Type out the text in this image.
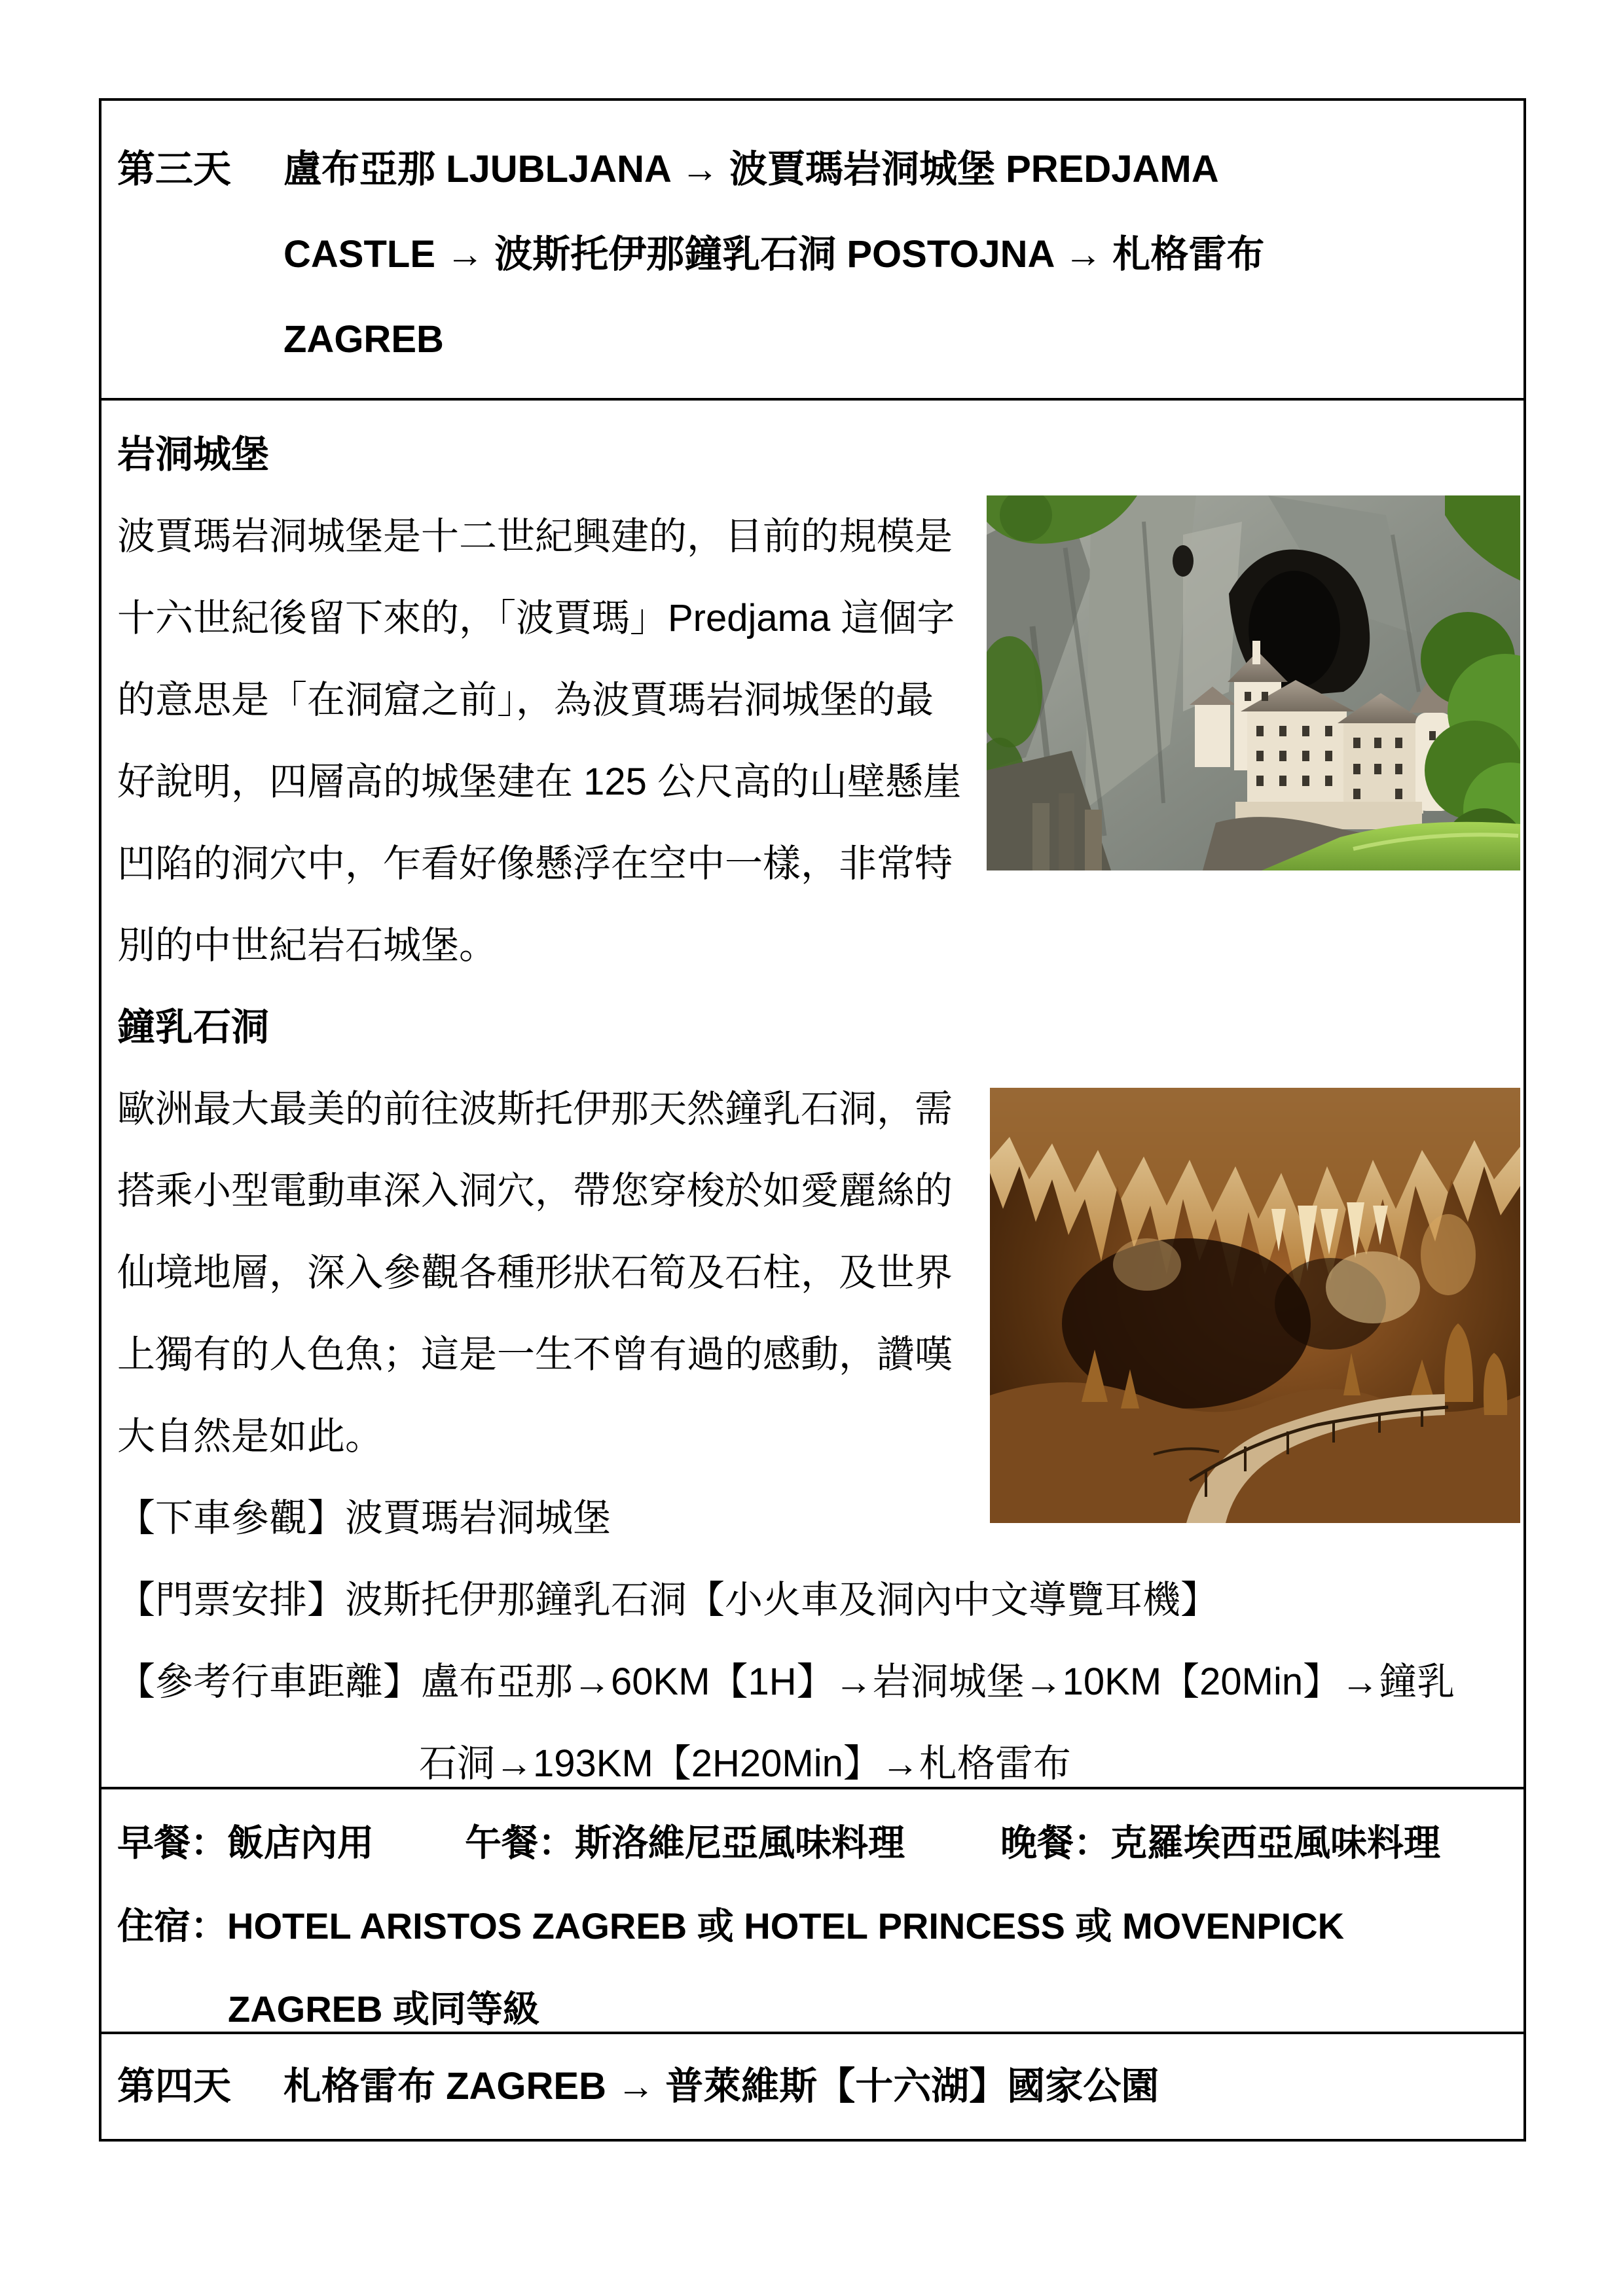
第三天 盧布亞那 LJUBLJANA → 波賈瑪岩洞城堡 PREDJAMA
CASTLE → 波斯托伊那鐘乳石洞 POSTOJNA → 札格雷布
ZAGREB
岩洞城堡
波賈瑪岩洞城堡是十二世紀興建的，目前的規模是
十六世紀後留下來的，「波賈瑪」Predjama 這個字
的意思是「在洞窟之前」，為波賈瑪岩洞城堡的最
好說明，四層高的城堡建在 125 公尺高的山壁懸崖
凹陷的洞穴中，乍看好像懸浮在空中一樣，非常特
別的中世紀岩石城堡。
鐘乳石洞
歐洲最大最美的前往波斯托伊那天然鐘乳石洞，需
搭乘小型電動車深入洞穴，帶您穿梭於如愛麗絲的
仙境地層，深入參觀各種形狀石筍及石柱，及世界
上獨有的人色魚；這是一生不曾有過的感動，讚嘆
大自然是如此。
【下車參觀】波賈瑪岩洞城堡
【門票安排】波斯托伊那鐘乳石洞【小火車及洞內中文導覽耳機】
【參考行車距離】盧布亞那→60KM【1H】→岩洞城堡→10KM【20Min】→鐘乳
石洞→193KM【2H20Min】→札格雷布
早餐：飯店內用 午餐：斯洛維尼亞風味料理	晚餐：克羅埃西亞風味料理
住宿：HOTEL ARISTOS ZAGREB 或 HOTEL PRINCESS 或 MOVENPICK
ZAGREB 或同等級
第四天 札格雷布 ZAGREB → 普萊維斯【十六湖】國家公園
